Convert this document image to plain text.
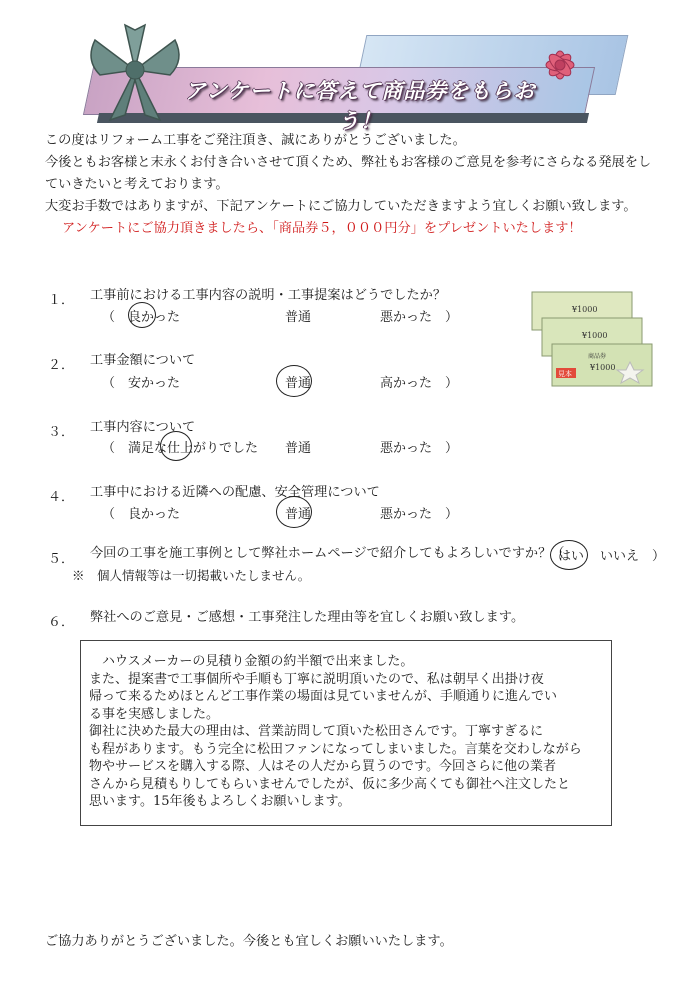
アンケートに答えて商品券をもらおう！
この度はリフォーム工事をご発注頂き、誠にありがとうございました。
今後ともお客様と末永くお付き合いさせて頂くため、弊社もお客様のご意見を参考にさらなる発展をし
ていきたいと考えております。
大変お手数ではありますが、下記アンケートにご協力していただきますよう宜しくお願い致します。
アンケートにご協力頂きましたら、「商品券５，０００円分」をプレゼントいたします！
¥1000
¥1000
商品券
¥1000
見本
１． 工事前における工事内容の説明・工事提案はどうでしたか？
（　良かった	普通	悪かった　）
２． 工事金額について
（　安かった	普通	高かった　）
３． 工事内容について
（　満足な仕上がりでした 普通	悪かった　）
４． 工事中における近隣への配慮、安全管理について
（　良かった	普通	悪かった　）
５． 今回の工事を施工事例として弊社ホームページで紹介してもよろしいですか？（
はい いいえ　）
※　個人情報等は一切掲載いたしません。
６． 弊社へのご意見・ご感想・工事発注した理由等を宜しくお願い致します。
　ハウスメーカーの見積り金額の約半額で出来ました。
また、提案書で工事個所や手順も丁寧に説明頂いたので、私は朝早く出掛け夜
帰って来るためほとんど工事作業の場面は見ていませんが、手順通りに進んでい
る事を実感しました。
御社に決めた最大の理由は、営業訪問して頂いた松田さんです。丁寧すぎるに
も程があります。もう完全に松田ファンになってしまいました。言葉を交わしながら
物やサービスを購入する際、人はその人だから買うのです。今回さらに他の業者
さんから見積もりしてもらいませんでしたが、仮に多少高くても御社へ注文したと
思います。15年後もよろしくお願いします。
ご協力ありがとうございました。今後とも宜しくお願いいたします。
